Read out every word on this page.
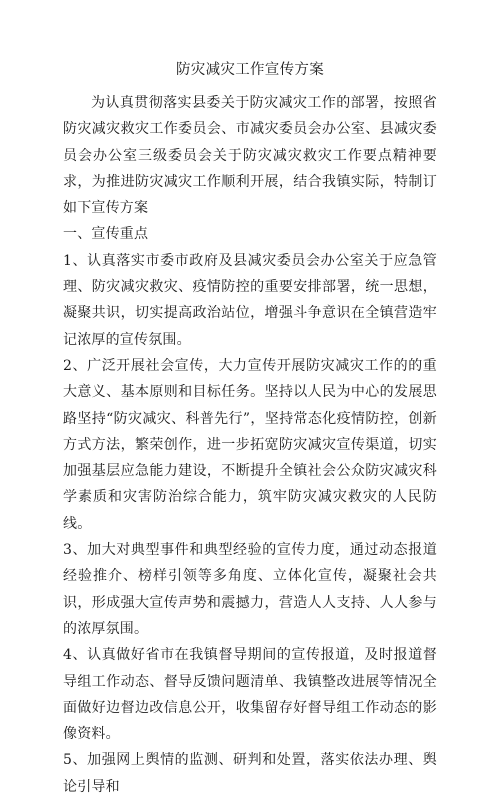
防灾减灾工作宣传方案

为认真贯彻落实县委关于防灾减灾工作的部署，按照省防灾减灾救灾工作委员会、市减灾委员会办公室、县减灾委员会办公室三级委员会关于防灾减灾救灾工作要点精神要求，为推进防灾减灾工作顺利开展，结合我镇实际，特制订如下宣传方案

一、宣传重点

1、认真落实市委市政府及县减灾委员会办公室关于应急管理、防灾减灾救灾、疫情防控的重要安排部署，统一思想，凝聚共识，切实提高政治站位，增强斗争意识在全镇营造牢记浓厚的宣传氛围。

2、广泛开展社会宣传，大力宣传开展防灾减灾工作的的重大意义、基本原则和目标任务。坚持以人民为中心的发展思路坚持“防灾减灾、科普先行”，坚持常态化疫情防控，创新方式方法，繁荣创作，进一步拓宽防灾减灾宣传渠道，切实加强基层应急能力建设，不断提升全镇社会公众防灾减灾科学素质和灾害防治综合能力，筑牢防灾减灾救灾的人民防线。

3、加大对典型事件和典型经验的宣传力度，通过动态报道经验推介、榜样引领等多角度、立体化宣传，凝聚社会共识，形成强大宣传声势和震撼力，营造人人支持、人人参与的浓厚氛围。

4、认真做好省市在我镇督导期间的宣传报道，及时报道督导组工作动态、督导反馈问题清单、我镇整改进展等情况全面做好边督边改信息公开，收集留存好督导组工作动态的影像资料。

5、加强网上舆情的监测、研判和处置，落实依法办理、舆论引导和
